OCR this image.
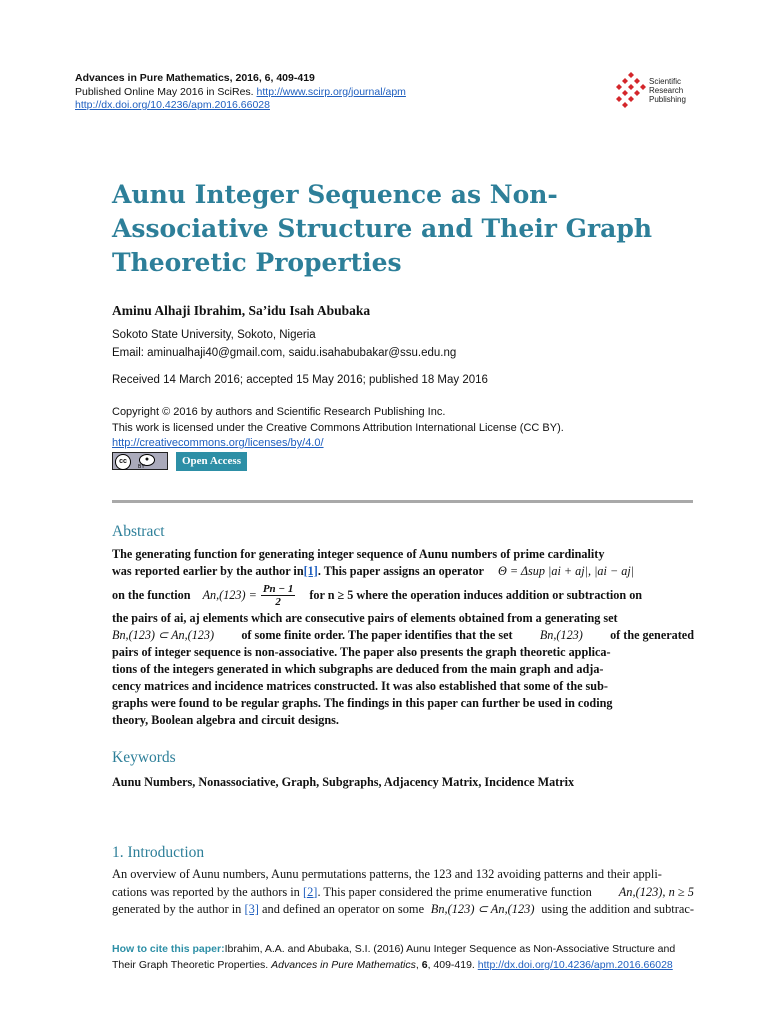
Advances in Pure Mathematics, 2016, 6, 409-419
Published Online May 2016 in SciRes. http://www.scirp.org/journal/apm
http://dx.doi.org/10.4236/apm.2016.66028
Scientific
Research
Publishing
Aunu Integer Sequence as Non-Associative Structure and Their Graph Theoretic Properties
Aminu Alhaji Ibrahim, Sa’idu Isah Abubaka
Sokoto State University, Sokoto, Nigeria
Email: aminualhaji40@gmail.com, saidu.isahabubakar@ssu.edu.ng
Received 14 March 2016; accepted 15 May 2016; published 18 May 2016
Copyright © 2016 by authors and Scientific Research Publishing Inc.
This work is licensed under the Creative Commons Attribution International License (CC BY).
http://creativecommons.org/licenses/by/4.0/
cc	●
BY	Open Access
Abstract
The generating function for generating integer sequence of Aunu numbers of prime cardinality
was reported earlier by the author in [1] . This paper assigns an operator Θ = Δsup |ai + aj|, |ai − aj|
on the function $An,(123) = \frac{Pn - 1}{2}$ for n ≥ 5 where the operation induces addition or subtraction on
the pairs of ai, aj elements which are consecutive pairs of elements obtained from a generating set
Bn,(123) ⊂ An,(123) of some finite order. The paper identifies that the set Bn,(123) of the generated
pairs of integer sequence is non-associative. The paper also presents the graph theoretic applica-
tions of the integers generated in which subgraphs are deduced from the main graph and adja-
cency matrices and incidence matrices constructed. It was also established that some of the sub-
graphs were found to be regular graphs. The findings in this paper can further be used in coding
theory, Boolean algebra and circuit designs.
Keywords
Aunu Numbers, Nonassociative, Graph, Subgraphs, Adjacency Matrix, Incidence Matrix
1. Introduction
An overview of Aunu numbers, Aunu permutations patterns, the 123 and 132 avoiding patterns and their appli-
cations was reported by the authors in [2]. This paper considered the prime enumerative function An,(123), n ≥ 5
generated by the author in [3] and defined an operator on some Bn,(123) ⊂ An,(123) using the addition and subtrac-
How to cite this paper: Ibrahim, A.A. and Abubaka, S.I. (2016) Aunu Integer Sequence as Non-Associative Structure and
Their Graph Theoretic Properties. Advances in Pure Mathematics, 6, 409-419. http://dx.doi.org/10.4236/apm.2016.66028
